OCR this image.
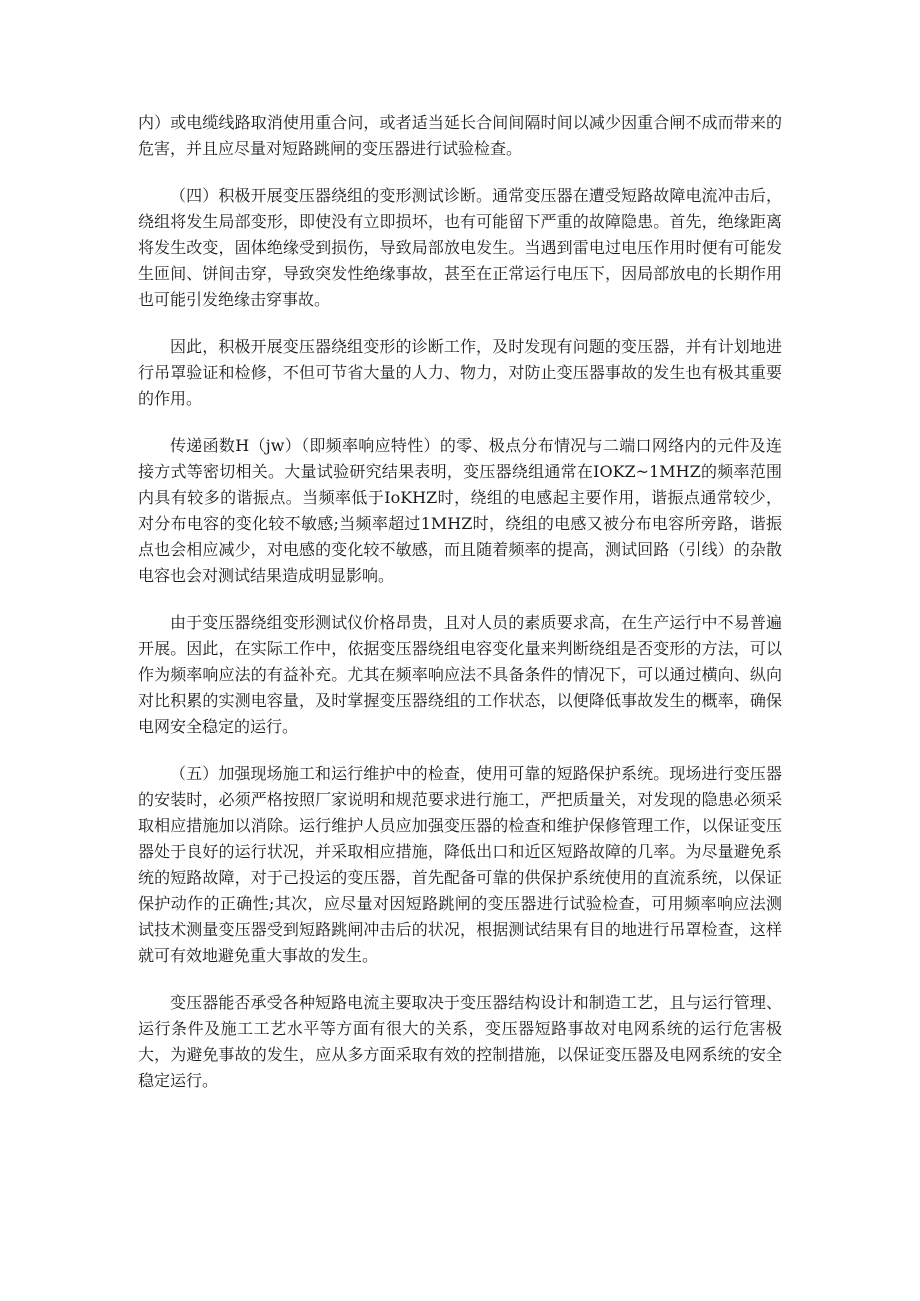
内）或电缆线路取消使用重合问，或者适当延长合间间隔时间以减少因重合闸不成而带来的危害，并且应尽量对短路跳闸的变压器进行试验检查。

（四）积极开展变压器绕组的变形测试诊断。通常变压器在遭受短路故障电流冲击后，绕组将发生局部变形，即使没有立即损坏，也有可能留下严重的故障隐患。首先，绝缘距离将发生改变，固体绝缘受到损伤，导致局部放电发生。当遇到雷电过电压作用时便有可能发生匝间、饼间击穿，导致突发性绝缘事故，甚至在正常运行电压下，因局部放电的长期作用也可能引发绝缘击穿事故。

因此，积极开展变压器绕组变形的诊断工作，及时发现有问题的变压器，并有计划地进行吊罩验证和检修，不但可节省大量的人力、物力，对防止变压器事故的发生也有极其重要的作用。

传递函数H（jw）（即频率响应特性）的零、极点分布情况与二端口网络内的元件及连接方式等密切相关。大量试验研究结果表明，变压器绕组通常在IOKZ~1MHZ的频率范围内具有较多的谐振点。当频率低于IoKHZ时，绕组的电感起主要作用，谐振点通常较少，对分布电容的变化较不敏感;当频率超过1MHZ时，绕组的电感又被分布电容所旁路，谐振点也会相应减少，对电感的变化较不敏感，而且随着频率的提高，测试回路（引线）的杂散电容也会对测试结果造成明显影响。

由于变压器绕组变形测试仪价格昂贵，且对人员的素质要求高，在生产运行中不易普遍开展。因此，在实际工作中，依据变压器绕组电容变化量来判断绕组是否变形的方法，可以作为频率响应法的有益补充。尤其在频率响应法不具备条件的情况下，可以通过横向、纵向对比积累的实测电容量，及时掌握变压器绕组的工作状态，以便降低事故发生的概率，确保电网安全稳定的运行。

（五）加强现场施工和运行维护中的检查，使用可靠的短路保护系统。现场进行变压器的安装时，必须严格按照厂家说明和规范要求进行施工，严把质量关，对发现的隐患必须采取相应措施加以消除。运行维护人员应加强变压器的检查和维护保修管理工作，以保证变压器处于良好的运行状况，并采取相应措施，降低出口和近区短路故障的几率。为尽量避免系统的短路故障，对于己投运的变压器，首先配备可靠的供保护系统使用的直流系统，以保证保护动作的正确性;其次，应尽量对因短路跳闸的变压器进行试验检查，可用频率响应法测试技术测量变压器受到短路跳闸冲击后的状况，根据测试结果有目的地进行吊罩检查，这样就可有效地避免重大事故的发生。

变压器能否承受各种短路电流主要取决于变压器结构设计和制造工艺，且与运行管理、运行条件及施工工艺水平等方面有很大的关系，变压器短路事故对电网系统的运行危害极大，为避免事故的发生，应从多方面采取有效的控制措施，以保证变压器及电网系统的安全稳定运行。
